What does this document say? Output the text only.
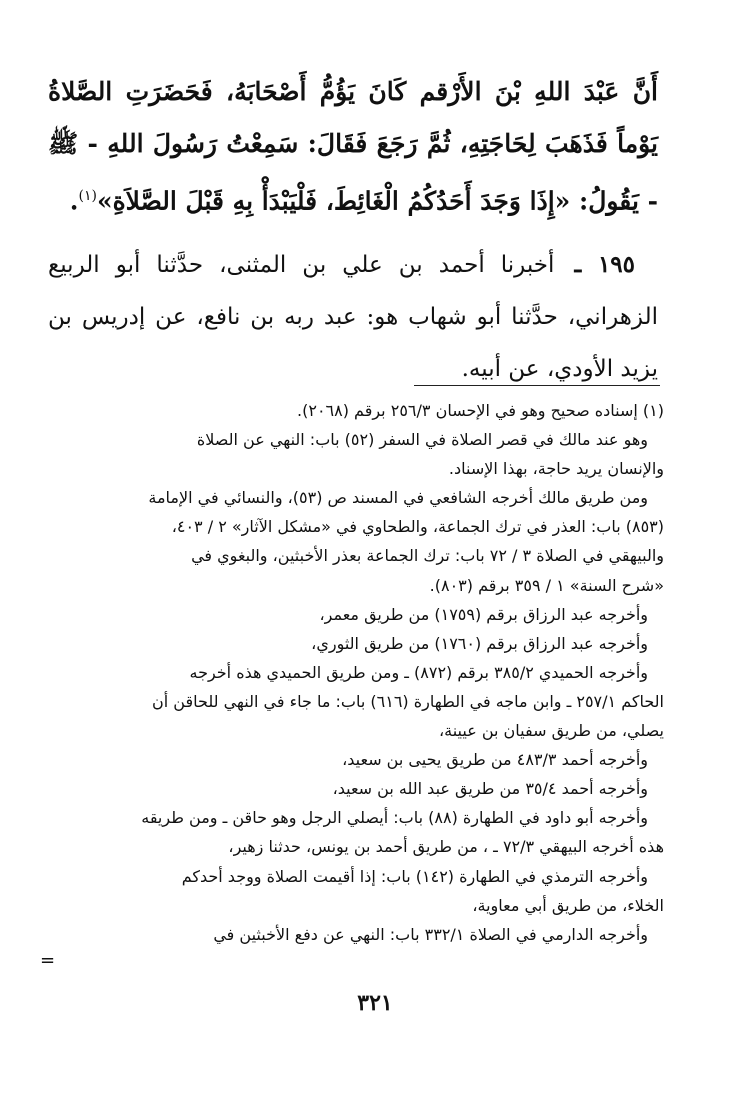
أَنَّ عَبْدَ اللهِ بْنَ الأَرْقم كَانَ يَؤُمُّ أَصْحَابَهُ، فَحَضَرَتِ الصَّلاةُ يَوْماً فَذَهَبَ لِحَاجَتِهِ، ثُمَّ رَجَعَ فَقَالَ: سَمِعْتُ رَسُولَ اللهِ - ﷺ - يَقُولُ: «إِذَا وَجَدَ أَحَدُكُمُ الْغَائِطَ، فَلْيَبْدَأْ بِهِ قَبْلَ الصَّلاَةِ»$^{(١)}$.

 ١٩٥ ـ أخبرنا أحمد بن علي بن المثنى، حدَّثنا أبو الربيع الزهراني، حدَّثنا أبو شهاب هو: عبد ربه بن نافع، عن إدريس بن يزيد الأودي، عن أبيه.

(١) إسناده صحيح وهو في الإحسان ٢٥٦/٣ برقم (٢٠٦٨).
وهو عند مالك في قصر الصلاة في السفر (٥٢) باب: النهي عن الصلاة
والإنسان يريد حاجة، بهذا الإسناد.
ومن طريق مالك أخرجه الشافعي في المسند ص (٥٣)، والنسائي في الإمامة
(٨٥٣) باب: العذر في ترك الجماعة، والطحاوي في «مشكل الآثار» ٢ / ٤٠٣،
والبيهقي في الصلاة ٣ / ٧٢ باب: ترك الجماعة بعذر الأخبثين، والبغوي في
«شرح السنة» ١ / ٣٥٩ برقم (٨٠٣).
وأخرجه عبد الرزاق برقم (١٧٥٩) من طريق معمر،
وأخرجه عبد الرزاق برقم (١٧٦٠) من طريق الثوري،
وأخرجه الحميدي ٣٨٥/٢ برقم (٨٧٢) ـ ومن طريق الحميدي هذه أخرجه
الحاكم ٢٥٧/١ ـ وابن ماجه في الطهارة (٦١٦) باب: ما جاء في النهي للحاقن أن
يصلي، من طريق سفيان بن عيينة،
وأخرجه أحمد ٤٨٣/٣ من طريق يحيى بن سعيد،
وأخرجه أحمد ٣٥/٤ من طريق عبد الله بن سعيد،
وأخرجه أبو داود في الطهارة (٨٨) باب: أيصلي الرجل وهو حاقن ـ ومن طريقه
هذه أخرجه البيهقي ٧٢/٣ ـ ، من طريق أحمد بن يونس، حدثنا زهير،
وأخرجه الترمذي في الطهارة (١٤٢) باب: إذا أقيمت الصلاة ووجد أحدكم
الخلاء، من طريق أبي معاوية،
وأخرجه الدارمي في الصلاة ٣٣٢/١ باب: النهي عن دفع الأخبثين في
=
٣٢١
